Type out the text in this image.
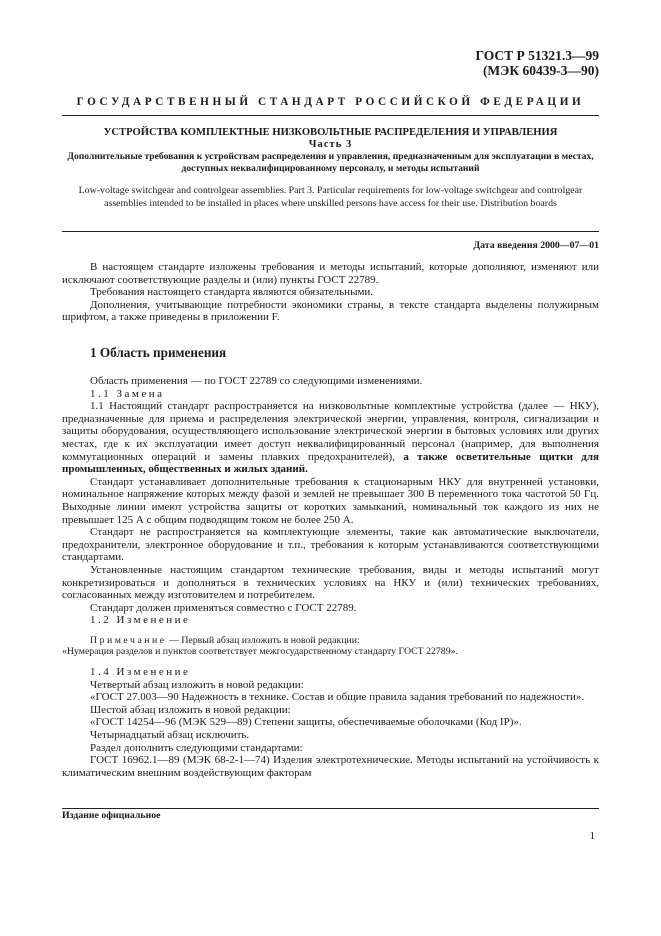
ГОСТ Р 51321.3—99
(МЭК 60439-3—90)
ГОСУДАРСТВЕННЫЙ СТАНДАРТ РОССИЙСКОЙ ФЕДЕРАЦИИ
УСТРОЙСТВА КОМПЛЕКТНЫЕ НИЗКОВОЛЬТНЫЕ РАСПРЕДЕЛЕНИЯ И УПРАВЛЕНИЯ
Часть 3
Дополнительные требования к устройствам распределения и управления, предназначенным для эксплуатации в местах, доступных неквалифицированному персоналу, и методы испытаний
Low-voltage switchgear and controlgear assemblies. Part 3. Particular requirements for low-voltage switchgear and controlgear assemblies intended to be installed in places where unskilled persons have access for their use. Distribution boards
Дата введения 2000—07—01

В настоящем стандарте изложены требования и методы испытаний, которые дополняют, изменяют или исключают соответствующие разделы и (или) пункты ГОСТ 22789.

Требования настоящего стандарта являются обязательными.

Дополнения, учитывающие потребности экономики страны, в тексте стандарта выделены полужирным шрифтом, а также приведены в приложении F.

1 Область применения

Область применения — по ГОСТ 22789 со следующими изменениями.

1.1 Замена

1.1 Настоящий стандарт распространяется на низковольтные комплектные устройства (далее — НКУ), предназначенные для приема и распределения электрической энергии, управления, контроля, сигнализации и защиты оборудования, осуществляющего использование электрической энергии в бытовых условиях или других местах, где к их эксплуатации имеет доступ неквалифицированный персонал (например, для выполнения коммутационных операций и замены плавких предохранителей), а также осветительные щитки для промышленных, общественных и жилых зданий.

Стандарт устанавливает дополнительные требования к стационарным НКУ для внутренней установки, номинальное напряжение которых между фазой и землей не превышает 300 В переменного тока частотой 50 Гц. Выходные линии имеют устройства защиты от коротких замыканий, номинальный ток каждого из них не превышает 125 А с общим подводящим током не более 250 А.

Стандарт не распространяется на комплектующие элементы, такие как автоматические выключатели, предохранители, электронное оборудование и т.п., требования к которым устанавливаются соответствующими стандартами.

Установленные настоящим стандартом технические требования, виды и методы испытаний могут конкретизироваться и дополняться в технических условиях на НКУ и (или) технических требованиях, согласованных между изготовителем и потребителем.

Стандарт должен применяться совместно с ГОСТ 22789.

1.2 Изменение

Примечание — Первый абзац изложить в новой редакции:
«Нумерация разделов и пунктов соответствует межгосударственному стандарту ГОСТ 22789».

1.4 Изменение

Четвертый абзац изложить в новой редакции:

«ГОСТ 27.003—90 Надежность в технике. Состав и общие правила задания требований по надежности».

Шестой абзац изложить в новой редакции:

«ГОСТ 14254—96 (МЭК 529—89) Степени защиты, обеспечиваемые оболочками (Код IP)».

Четырнадцатый абзац исключить.

Раздел дополнить следующими стандартами:

ГОСТ 16962.1—89 (МЭК 68-2-1—74) Изделия электротехнические. Методы испытаний на устойчивость к климатическим внешним воздействующим факторам

Издание официальное
1
